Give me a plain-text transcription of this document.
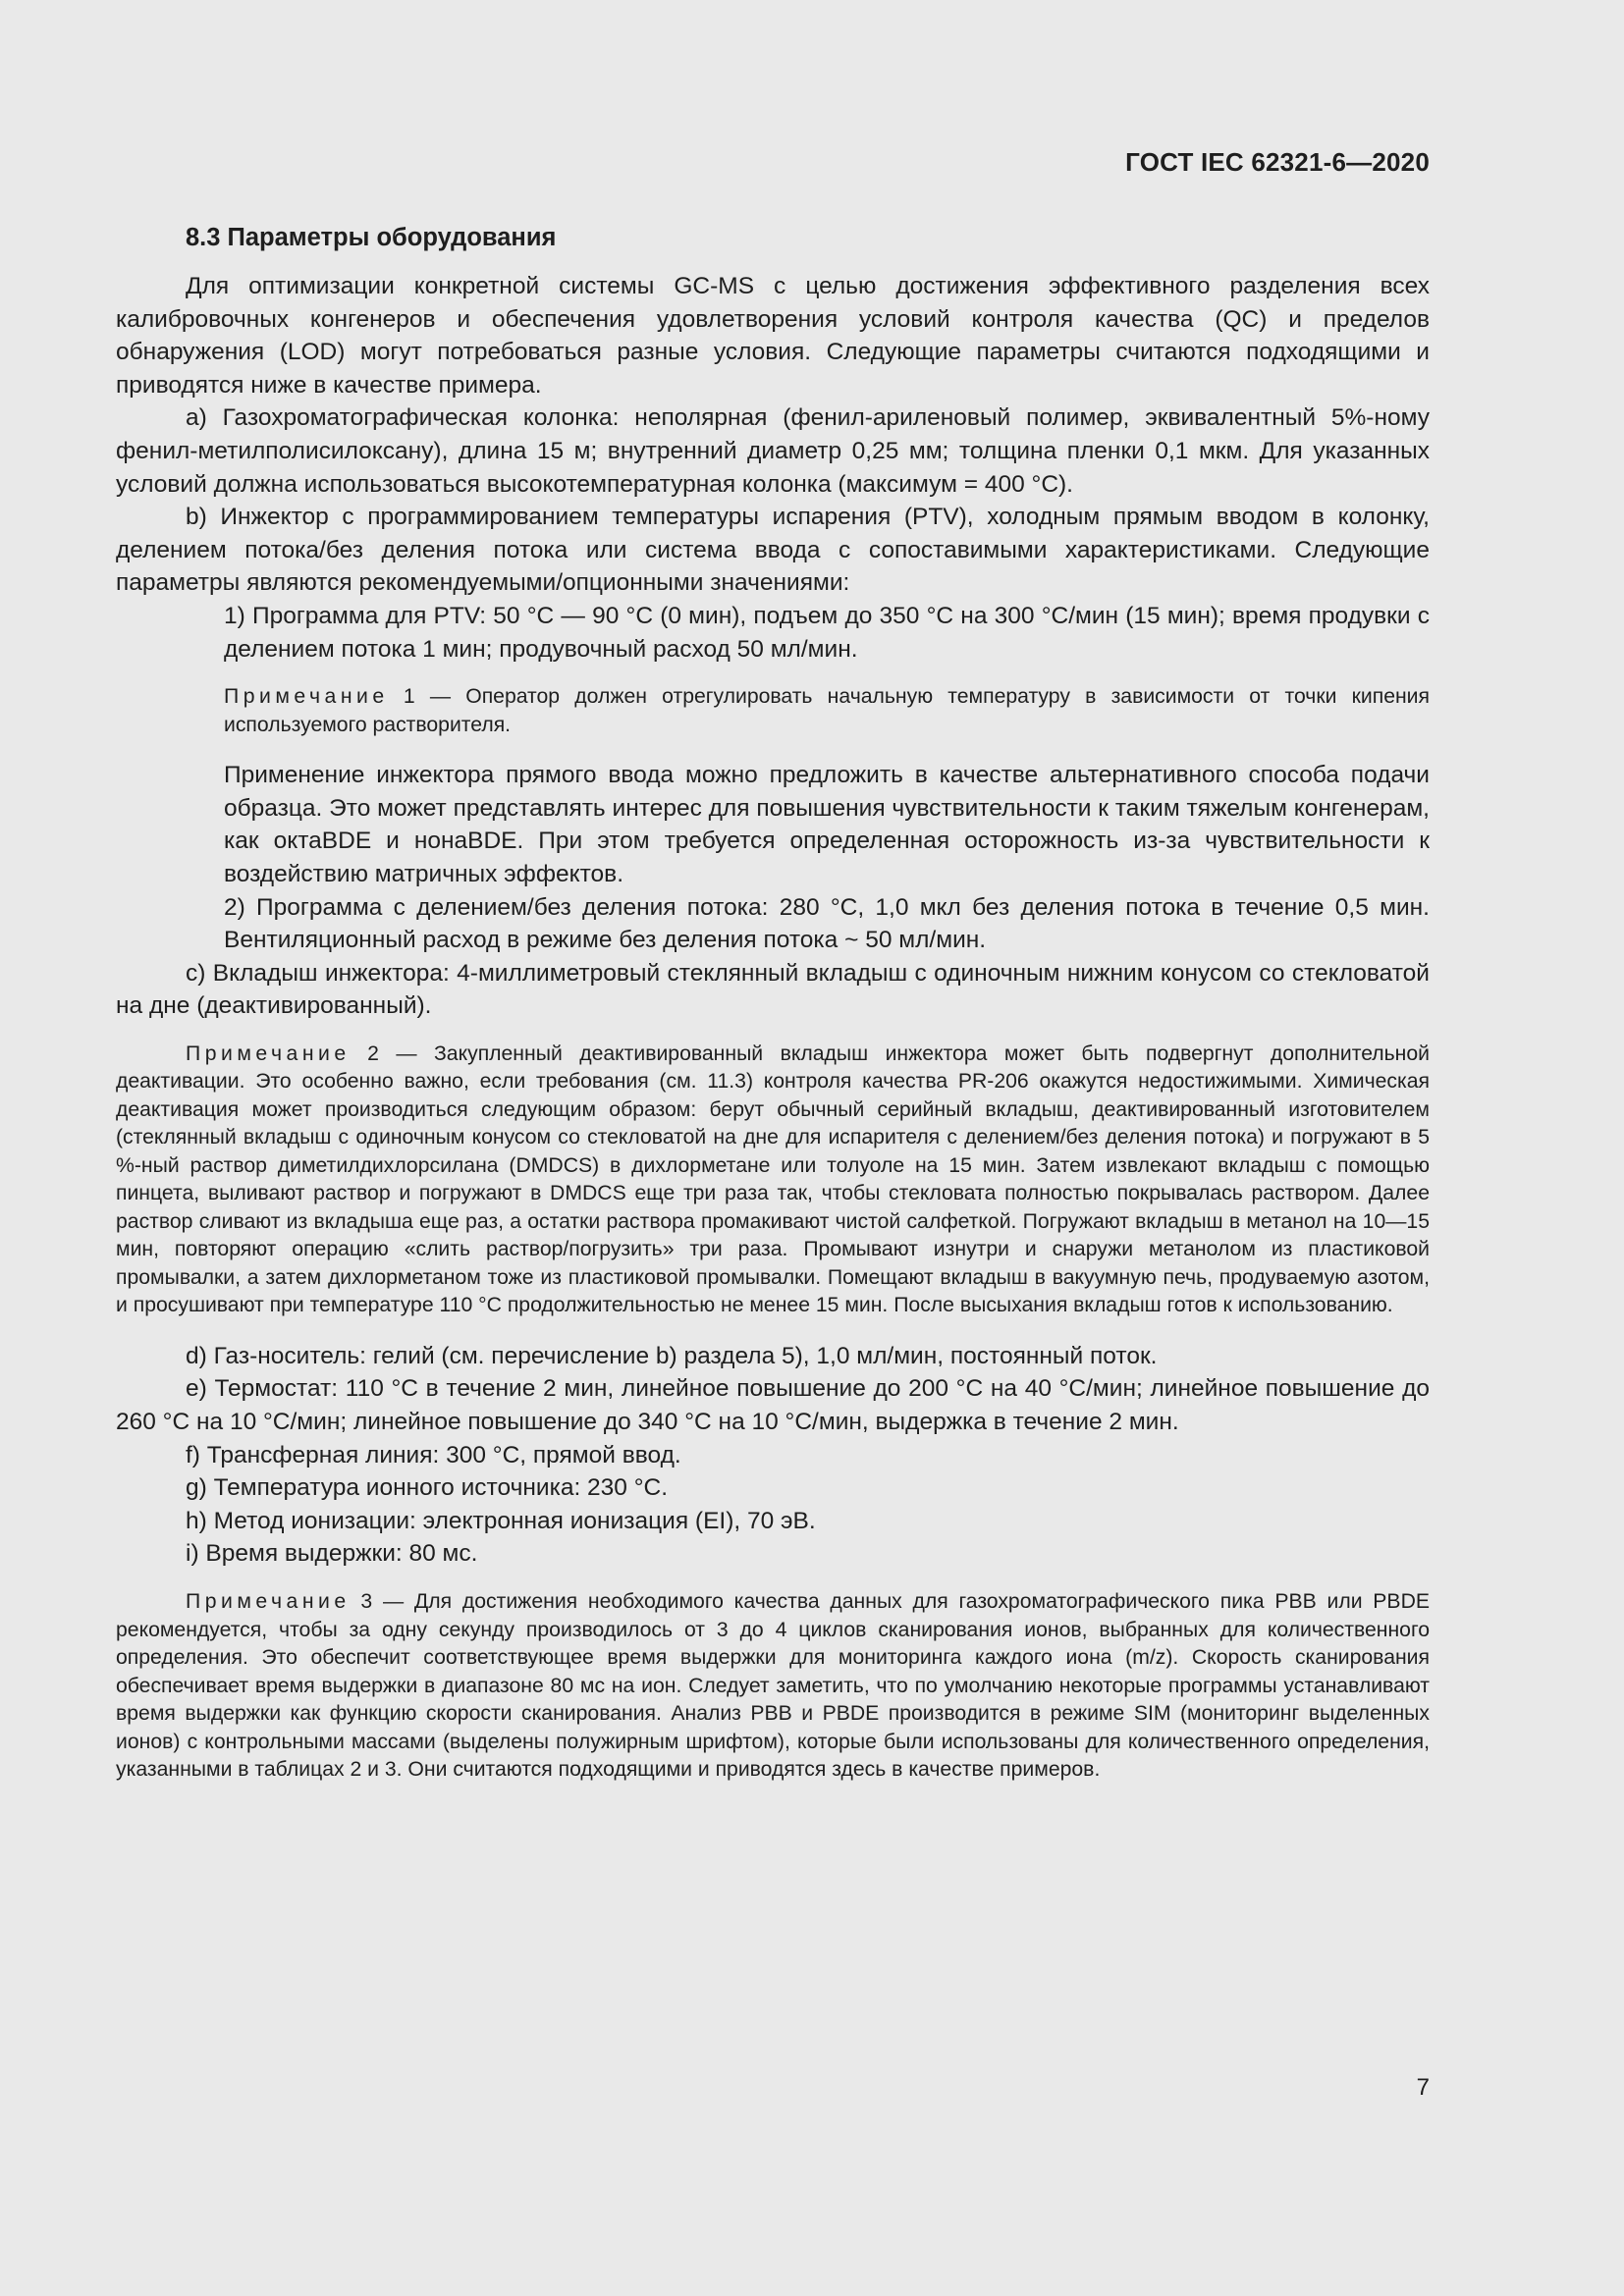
ГОСТ IEC 62321-6—2020
8.3 Параметры оборудования

Для оптимизации конкретной системы GC-MS с целью достижения эффективного разделения всех калибровочных конгенеров и обеспечения удовлетворения условий контроля качества (QC) и пределов обнаружения (LOD) могут потребоваться разные условия. Следующие параметры считаются подходящими и приводятся ниже в качестве примера.

а) Газохроматографическая колонка: неполярная (фенил-ариленовый полимер, эквивалентный 5%-ному фенил-метилполисилоксану), длина 15 м; внутренний диаметр 0,25 мм; толщина пленки 0,1 мкм. Для указанных условий должна использоваться высокотемпературная колонка (максимум = 400 °С).

b) Инжектор с программированием температуры испарения (PTV), холодным прямым вводом в колонку, делением потока/без деления потока или система ввода с сопоставимыми характеристиками. Следующие параметры являются рекомендуемыми/опционными значениями:

1) Программа для PTV: 50 °С — 90 °С (0 мин), подъем до 350 °С на 300 °С/мин (15 мин); время продувки с делением потока 1 мин; продувочный расход 50 мл/мин.

Примечание 1 — Оператор должен отрегулировать начальную температуру в зависимости от точки кипения используемого растворителя.

Применение инжектора прямого ввода можно предложить в качестве альтернативного способа подачи образца. Это может представлять интерес для повышения чувствительности к таким тяжелым конгенерам, как октаBDE и нонаBDE. При этом требуется определенная осторожность из-за чувствительности к воздействию матричных эффектов.

2) Программа с делением/без деления потока: 280 °С, 1,0 мкл без деления потока в течение 0,5 мин. Вентиляционный расход в режиме без деления потока ~ 50 мл/мин.

с) Вкладыш инжектора: 4-миллиметровый стеклянный вкладыш с одиночным нижним конусом со стекловатой на дне (деактивированный).

Примечание 2 — Закупленный деактивированный вкладыш инжектора может быть подвергнут дополнительной деактивации. Это особенно важно, если требования (см. 11.3) контроля качества PR-206 окажутся недостижимыми. Химическая деактивация может производиться следующим образом: берут обычный серийный вкладыш, деактивированный изготовителем (стеклянный вкладыш с одиночным конусом со стекловатой на дне для испарителя с делением/без деления потока) и погружают в 5 %-ный раствор диметилдихлорсилана (DMDCS) в дихлорметане или толуоле на 15 мин. Затем извлекают вкладыш с помощью пинцета, выливают раствор и погружают в DMDCS еще три раза так, чтобы стекловата полностью покрывалась раствором. Далее раствор сливают из вкладыша еще раз, а остатки раствора промакивают чистой салфеткой. Погружают вкладыш в метанол на 10—15 мин, повторяют операцию «слить раствор/погрузить» три раза. Промывают изнутри и снаружи метанолом из пластиковой промывалки, а затем дихлорметаном тоже из пластиковой промывалки. Помещают вкладыш в вакуумную печь, продуваемую азотом, и просушивают при температуре 110 °С продолжительностью не менее 15 мин. После высыхания вкладыш готов к использованию.

d) Газ-носитель: гелий (см. перечисление b) раздела 5), 1,0 мл/мин, постоянный поток.

е) Термостат: 110 °С в течение 2 мин, линейное повышение до 200 °С на 40 °С/мин; линейное повышение до 260 °С на 10 °С/мин; линейное повышение до 340 °С на 10 °С/мин, выдержка в течение 2 мин.

f) Трансферная линия: 300 °С, прямой ввод.

g) Температура ионного источника: 230 °С.

h) Метод ионизации: электронная ионизация (EI), 70 эВ.

i) Время выдержки: 80 мс.

Примечание 3 — Для достижения необходимого качества данных для газохроматографического пика PBB или PBDE рекомендуется, чтобы за одну секунду производилось от 3 до 4 циклов сканирования ионов, выбранных для количественного определения. Это обеспечит соответствующее время выдержки для мониторинга каждого иона (m/z). Скорость сканирования обеспечивает время выдержки в диапазоне 80 мс на ион. Следует заметить, что по умолчанию некоторые программы устанавливают время выдержки как функцию скорости сканирования. Анализ PBB и PBDE производится в режиме SIM (мониторинг выделенных ионов) с контрольными массами (выделены полужирным шрифтом), которые были использованы для количественного определения, указанными в таблицах 2 и 3. Они считаются подходящими и приводятся здесь в качестве примеров.

7
